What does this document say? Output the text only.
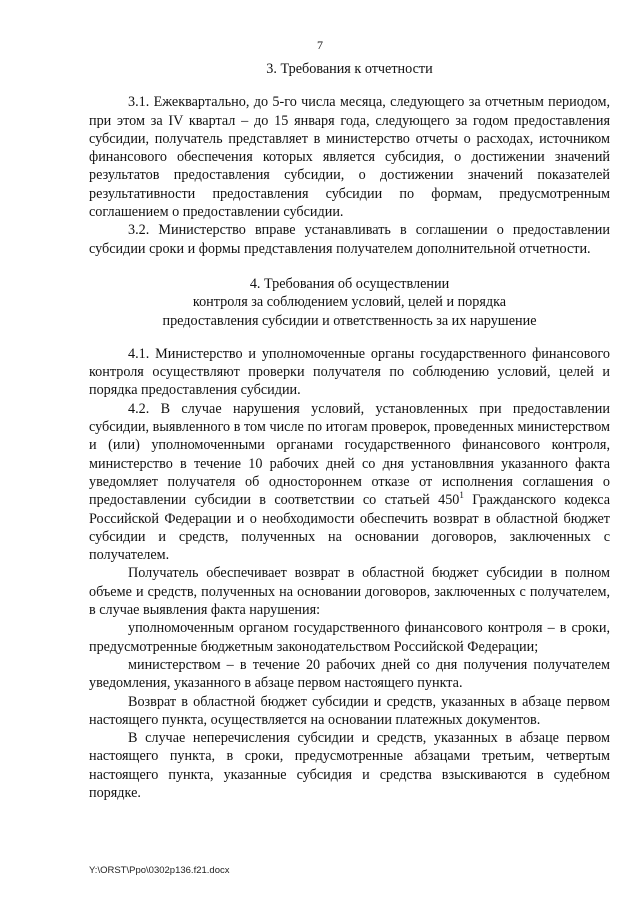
7
3. Требования к отчетности

3.1. Ежеквартально, до 5-го числа месяца, следующего за отчетным периодом, при этом за IV квартал – до 15 января года, следующего за годом предоставления субсидии, получатель представляет в министерство отчеты о расходах, источником финансового обеспечения которых является субсидия, о достижении значений результатов предоставления субсидии, о достижении значений показателей результативности предоставления субсидии по формам, предусмотренным соглашением о предоставлении субсидии.

3.2. Министерство вправе устанавливать в соглашении о предоставлении субсидии сроки и формы представления получателем дополнительной отчетности.

4. Требования об осуществлении
контроля за соблюдением условий, целей и порядка
предоставления субсидии и ответственность за их нарушение

4.1. Министерство и уполномоченные органы государственного финансового контроля осуществляют проверки получателя по соблюдению условий, целей и порядка предоставления субсидии.

4.2. В случае нарушения условий, установленных при предоставлении субсидии, выявленного в том числе по итогам проверок, проведенных министерством и (или) уполномоченными органами государственного финансового контроля, министерство в течение 10 рабочих дней со дня установлвния указанного факта уведомляет получателя об одностороннем отказе от исполнения соглашения о предоставлении субсидии в соответствии со статьей $450^1$ Гражданского кодекса Российской Федерации и о необходимости обеспечить возврат в областной бюджет субсидии и средств, полученных на основании договоров, заключенных с получателем.

Получатель обеспечивает возврат в областной бюджет субсидии в полном объеме и средств, полученных на основании договоров, заключенных с получателем, в случае выявления факта нарушения:

уполномоченным органом государственного финансового контроля – в сроки, предусмотренные бюджетным законодательством Российской Федерации;

министерством – в течение 20 рабочих дней со дня получения получателем уведомления, указанного в абзаце первом настоящего пункта.

Возврат в областной бюджет субсидии и средств, указанных в абзаце первом настоящего пункта, осуществляется на основании платежных документов.

В случае неперечисления субсидии и средств, указанных в абзаце первом настоящего пункта, в сроки, предусмотренные абзацами третьим, четвертым настоящего пункта, указанные субсидия и средства взыскиваются в судебном порядке.

Y:\ORST\Ppo\0302p136.f21.docx
